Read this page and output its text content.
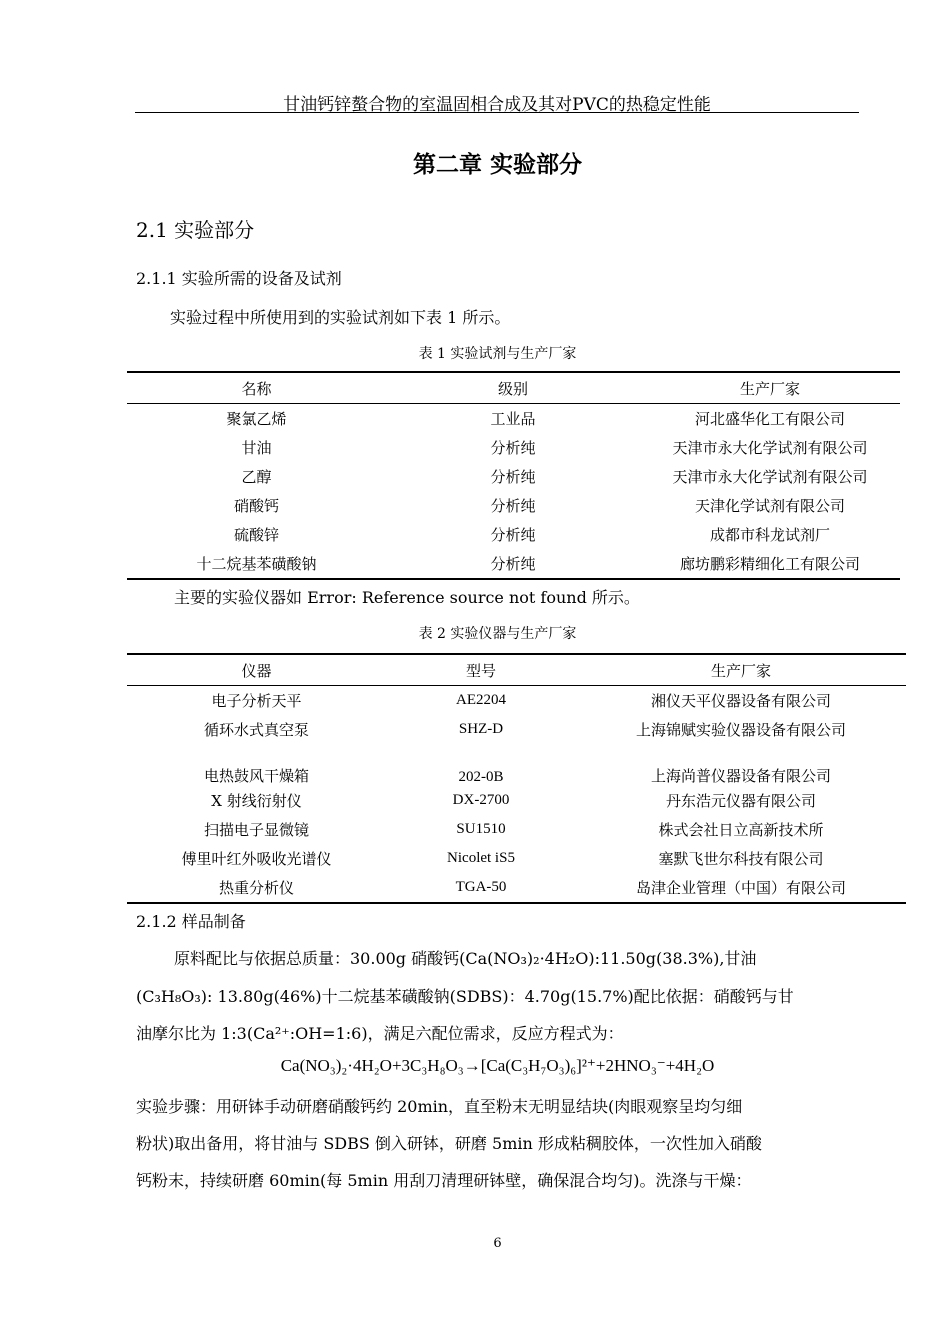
甘油钙锌螯合物的室温固相合成及其对PVC的热稳定性能
第二章 实验部分
2.1 实验部分
2.1.1 实验所需的设备及试剂
实验过程中所使用到的实验试剂如下表 1 所示。
表 1 实验试剂与生产厂家
名称	级别	生产厂家
聚氯乙烯	工业品	河北盛华化工有限公司
甘油	分析纯	天津市永大化学试剂有限公司
乙醇	分析纯	天津市永大化学试剂有限公司
硝酸钙	分析纯	天津化学试剂有限公司
硫酸锌	分析纯	成都市科龙试剂厂
十二烷基苯磺酸钠	分析纯	廊坊鹏彩精细化工有限公司
主要的实验仪器如 Error: Reference source not found 所示。
表 2 实验仪器与生产厂家
仪器	型号	生产厂家
电子分析天平	AE2204	湘仪天平仪器设备有限公司
循环水式真空泵	SHZ-D	上海锦赋实验仪器设备有限公司
电热鼓风干燥箱	202-0B	上海尚普仪器设备有限公司
X 射线衍射仪	DX-2700	丹东浩元仪器有限公司
扫描电子显微镜	SU1510	株式会社日立高新技术所
傅里叶红外吸收光谱仪	Nicolet iS5	塞默飞世尔科技有限公司
热重分析仪	TGA-50	岛津企业管理（中国）有限公司
2.1.2 样品制备
原料配比与依据总质量：30.00g 硝酸钙(Ca(NO₃)₂·4H₂O):11.50g(38.3%),甘油
(C₃H₈O₃): 13.80g(46%)十二烷基苯磺酸钠(SDBS)：4.70g(15.7%)配比依据：硝酸钙与甘
油摩尔比为 1:3(Ca²⁺:OH=1:6)，满足六配位需求，反应方程式为：
Ca(NO₃)₂·4H₂O+3C₃H₈O₃→[Ca(C₃H₇O₃)₆]²⁺+2HNO₃⁻+4H₂O
实验步骤：用研钵手动研磨硝酸钙约 20min，直至粉末无明显结块(肉眼观察呈均匀细
粉状)取出备用，将甘油与 SDBS 倒入研钵，研磨 5min 形成粘稠胶体，一次性加入硝酸
钙粉末，持续研磨 60min(每 5min 用刮刀清理研钵壁，确保混合均匀)。洗涤与干燥：
6
